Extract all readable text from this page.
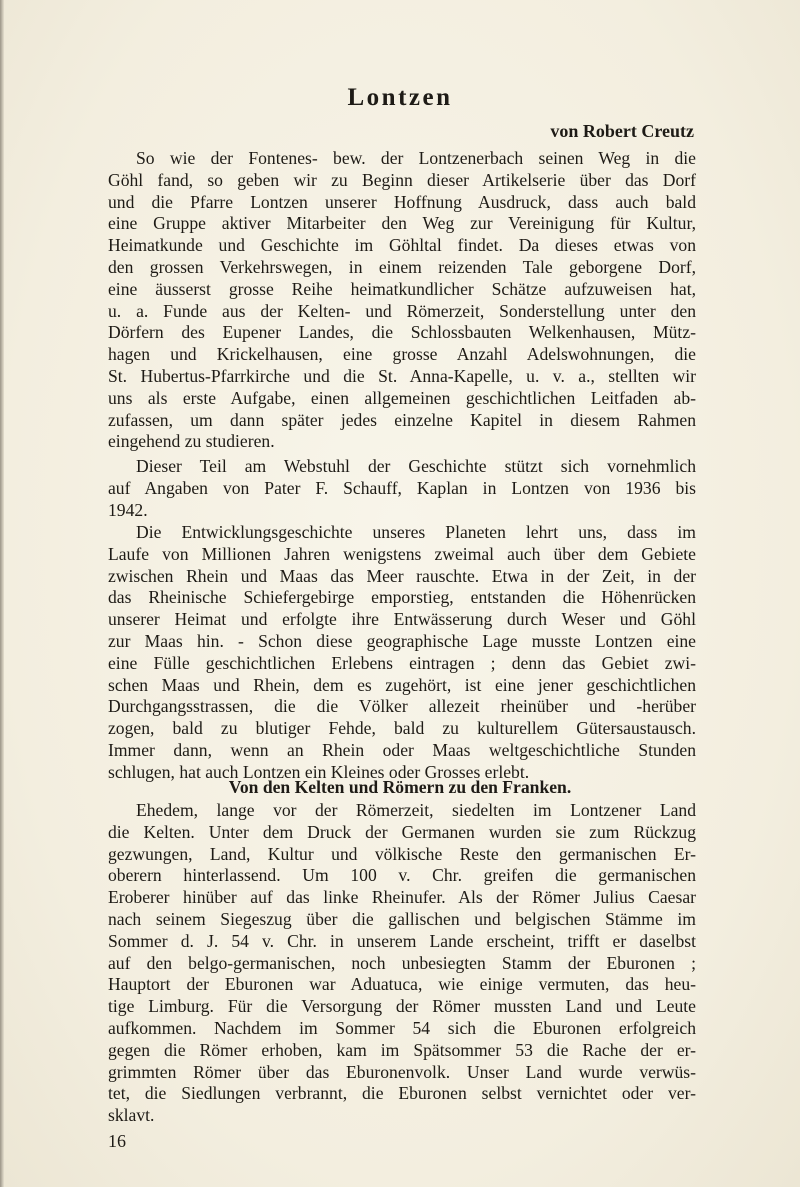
Lontzen

von Robert Creutz

So wie der Fontenes- bew. der Lontzenerbach seinen Weg in die
Göhl fand, so geben wir zu Beginn dieser Artikelserie über das Dorf
und die Pfarre Lontzen unserer Hoffnung Ausdruck, dass auch bald
eine Gruppe aktiver Mitarbeiter den Weg zur Vereinigung für Kultur,
Heimatkunde und Geschichte im Göhltal findet. Da dieses etwas von
den grossen Verkehrswegen, in einem reizenden Tale geborgene Dorf,
eine äusserst grosse Reihe heimatkundlicher Schätze aufzuweisen hat,
u. a. Funde aus der Kelten- und Römerzeit, Sonderstellung unter den
Dörfern des Eupener Landes, die Schlossbauten Welkenhausen, Mütz-
hagen und Krickelhausen, eine grosse Anzahl Adelswohnungen, die
St. Hubertus-Pfarrkirche und die St. Anna-Kapelle, u. v. a., stellten wir
uns als erste Aufgabe, einen allgemeinen geschichtlichen Leitfaden ab-
zufassen, um dann später jedes einzelne Kapitel in diesem Rahmen
eingehend zu studieren.
Dieser Teil am Webstuhl der Geschichte stützt sich vornehmlich
auf Angaben von Pater F. Schauff, Kaplan in Lontzen von 1936 bis
1942.
Die Entwicklungsgeschichte unseres Planeten lehrt uns, dass im
Laufe von Millionen Jahren wenigstens zweimal auch über dem Gebiete
zwischen Rhein und Maas das Meer rauschte. Etwa in der Zeit, in der
das Rheinische Schiefergebirge emporstieg, entstanden die Höhenrücken
unserer Heimat und erfolgte ihre Entwässerung durch Weser und Göhl
zur Maas hin. - Schon diese geographische Lage musste Lontzen eine
eine Fülle geschichtlichen Erlebens eintragen ; denn das Gebiet zwi-
schen Maas und Rhein, dem es zugehört, ist eine jener geschichtlichen
Durchgangsstrassen, die die Völker allezeit rheinüber und -herüber
zogen, bald zu blutiger Fehde, bald zu kulturellem Gütersaustausch.
Immer dann, wenn an Rhein oder Maas weltgeschichtliche Stunden
schlugen, hat auch Lontzen ein Kleines oder Grosses erlebt.
Von den Kelten und Römern zu den Franken.
Ehedem, lange vor der Römerzeit, siedelten im Lontzener Land
die Kelten. Unter dem Druck der Germanen wurden sie zum Rückzug
gezwungen, Land, Kultur und völkische Reste den germanischen Er-
oberern hinterlassend. Um 100 v. Chr. greifen die germanischen
Eroberer hinüber auf das linke Rheinufer. Als der Römer Julius Caesar
nach seinem Siegeszug über die gallischen und belgischen Stämme im
Sommer d. J. 54 v. Chr. in unserem Lande erscheint, trifft er daselbst
auf den belgo-germanischen, noch unbesiegten Stamm der Eburonen ;
Hauptort der Eburonen war Aduatuca, wie einige vermuten, das heu-
tige Limburg. Für die Versorgung der Römer mussten Land und Leute
aufkommen. Nachdem im Sommer 54 sich die Eburonen erfolgreich
gegen die Römer erhoben, kam im Spätsommer 53 die Rache der er-
grimmten Römer über das Eburonenvolk. Unser Land wurde verwüs-
tet, die Siedlungen verbrannt, die Eburonen selbst vernichtet oder ver-
sklavt.

16
